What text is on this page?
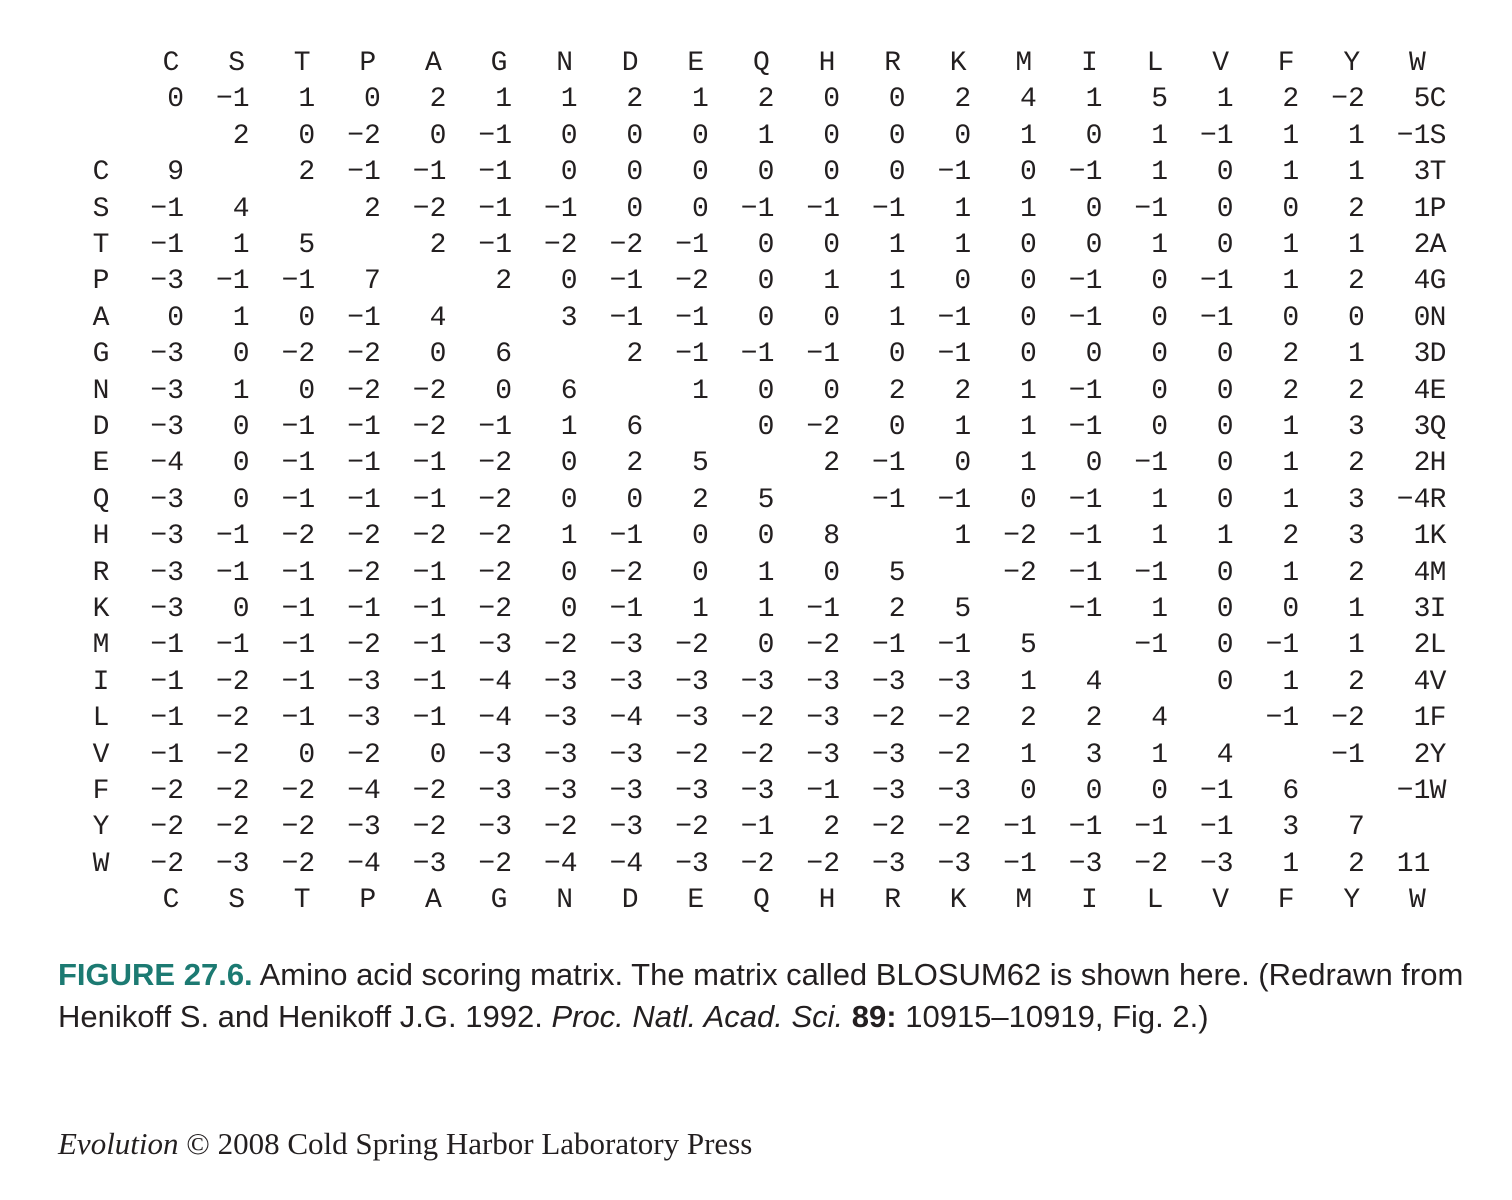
C
C
S
S
T
T
P
P
A
A
G
G
N
N
D
D
E
E
Q
Q
H
H
R
R
K
K
M
M
I
I
L
L
V
V
F
F
Y
Y
W
W
C
S
T
P
A
G
N
D
E
Q
H
R
K
M
I
L
V
F
Y
W
0 −1 1 0 2 1 1 2 1 2 0 0 2 4 1 5 1 2 −2 5
2 0 −2 0 −1 0 0 0 1 0 0 0 1 0 1 −1 1 1 −1
2 −1 −1 −1 0 0 0 0 0 0 −1 0 −1 1 0 1 1 3
2 −2 −1 −1 0 0 −1 −1 −1 1 1 0 −1 0 0 2 1
2 −1 −2 −2 −1 0 0 1 1 0 0 1 0 1 1 2
2 0 −1 −2 0 1 1 0 0 −1 0 −1 1 2 4
3 −1 −1 0 0 1 −1 0 −1 0 −1 0 0 0
2 −1 −1 −1 0 −1 0 0 0 0 2 1 3
1 0 0 2 2 1 −1 0 0 2 2 4
0 −2 0 1 1 −1 0 0 1 3 3
2 −1 0 1 0 −1 0 1 2 2
−1 −1 0 −1 1 0 1 3 −4
1 −2 −1 1 1 2 3 1
−2 −1 −1 0 1 2 4
−1 1 0 0 1 3
−1 0 −1 1 2
0 1 2 4
−1 −2 1
−1 2
−1
C
S
T
P
A
G
N
D
E
Q
H
R
K
M
I
L
V
F
Y
W
9
−1 4
−1 1 5
−3 −1 −1 7
0 1 0 −1 4
−3 0 −2 −2 0 6
−3 1 0 −2 −2 0 6
−3 0 −1 −1 −2 −1 1 6
−4 0 −1 −1 −1 −2 0 2 5
−3 0 −1 −1 −1 −2 0 0 2 5
−3 −1 −2 −2 −2 −2 1 −1 0 0 8
−3 −1 −1 −2 −1 −2 0 −2 0 1 0 5
−3 0 −1 −1 −1 −2 0 −1 1 1 −1 2 5
−1 −1 −1 −2 −1 −3 −2 −3 −2 0 −2 −1 −1 5
−1 −2 −1 −3 −1 −4 −3 −3 −3 −3 −3 −3 −3 1 4
−1 −2 −1 −3 −1 −4 −3 −4 −3 −2 −3 −2 −2 2 2 4
−1 −2 0 −2 0 −3 −3 −3 −2 −2 −3 −3 −2 1 3 1 4
−2 −2 −2 −4 −2 −3 −3 −3 −3 −3 −1 −3 −3 0 0 0 −1 6
−2 −2 −2 −3 −2 −3 −2 −3 −2 −1 2 −2 −2 −1 −1 −1 −1 3 7
−2 −3 −2 −4 −3 −2 −4 −4 −3 −2 −2 −3 −3 −1 −3 −2 −3 1 2 11
FIGURE 27.6. Amino acid scoring matrix. The matrix called BLOSUM62 is shown here. (Redrawn from Henikoff S. and Henikoff J.G. 1992. Proc. Natl. Acad. Sci. 89: 10915–10919, Fig. 2.)
Evolution © 2008 Cold Spring Harbor Laboratory Press
